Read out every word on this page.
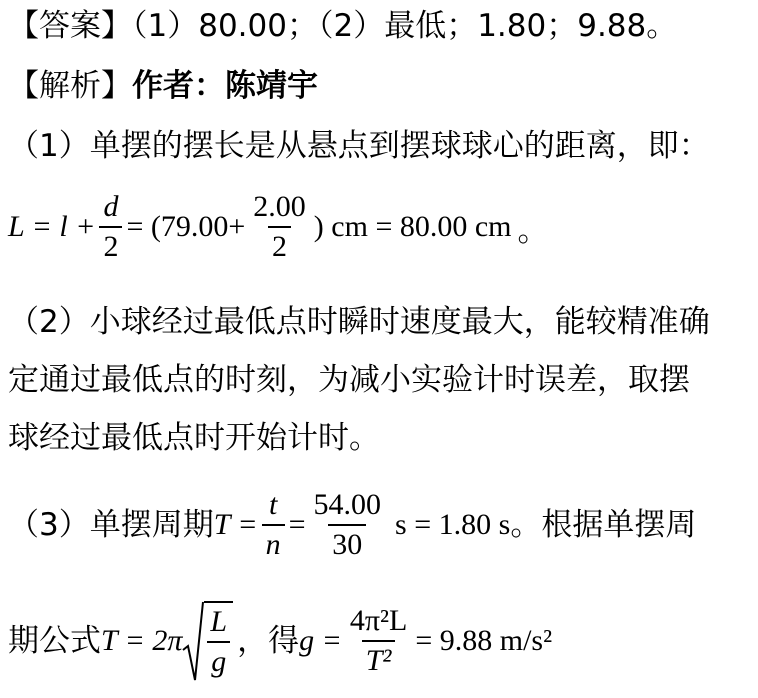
【答案】（1）80.00；（2）最低；1.80；9.88。
【解析】作者：陈靖宇
（1）单摆的摆长是从悬点到摆球球心的距离，即：
$L = l + \frac{d}{2} = (79.00+ \frac{2.00}{2}$ ) cm = 80.00 cm 。
（2）小球经过最低点时瞬时速度最大，能较精准确
定通过最低点的时刻，为减小实验计时误差，取摆
球经过最低点时开始计时。
（3）单摆周期 $T = \frac{t}{n} = \frac{54.00}{30}$ s = 1.80 s 。根据单摆周
期公式 $T = 2\pi \frac{L}{g}$ ，得 $g = \frac{\text{4π²L}}{\text{T²}} = 9.88$ m/s²
